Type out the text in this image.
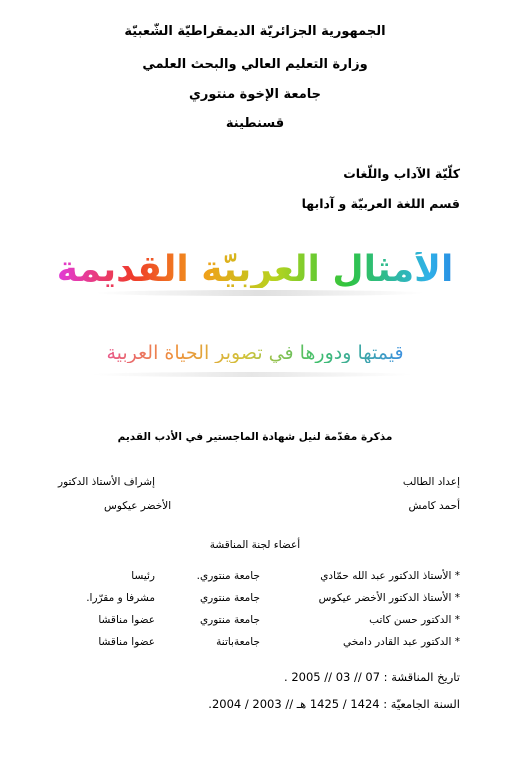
الجمهورية الجزائريّة الديمقراطيّة الشّعبيّة
وزارة التعليم العالي والبحث العلمي
جامعة الإخوة منتوري
قسنطينة
كلّيّة الآداب واللّغات
قسم اللغة العربيّة و آدابها
الأمثال العربيّة القديمة
قيمتها ودورها في تصوير الحياة العربية
مذكرة مقدّمة لنيل شهادة الماجستير في الأدب القديم
إعداد الطالب
إشراف الأستاذ الدكتور
أحمد كامش
الأخضر عيكوس
أعضاء لجنة المناقشة
* الأستاذ الدكتور عبد الله حمّادي
جامعة منتوري.
رئيسا
* الأستاذ الدكتور الأخضر عيكوس
جامعة منتوري
مشرفا و مقرّرا.
* الدكتور حسن كاتب
جامعة منتوري
عضوا مناقشا
* الدكتور عبد القادر دامخي
جامعةباتنة
عضوا مناقشا
تاريخ المناقشة : 07 // 03 // 2005 .
السنة الجامعيّة : 1424 / 1425 هـ // 2003 / 2004.
